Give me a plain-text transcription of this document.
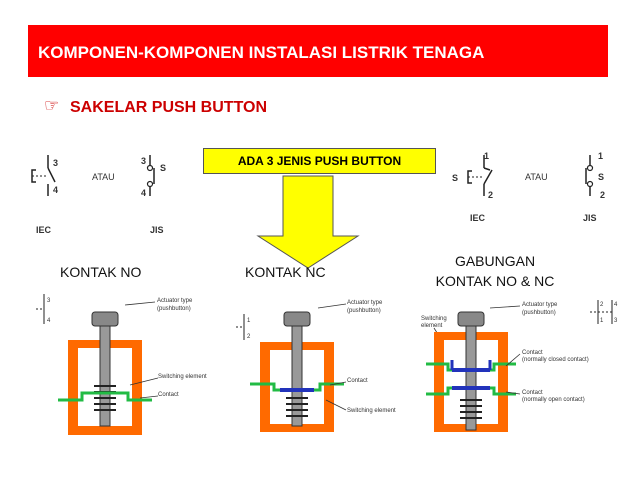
KOMPONEN-KOMPONEN INSTALASI LISTRIK TENAGA
☞ SAKELAR PUSH BUTTON
ADA 3 JENIS PUSH BUTTON
3
4
ATAU
3
4
S
IEC	JIS
S
1
2
ATAU
1
2
S
IEC	JIS
KONTAK NO	KONTAK NC
GABUNGAN
KONTAK NO & NC
3
4
Actuator type
(pushbutton)
Switching element
Contact
1
2
Actuator type
(pushbutton)
Contact
Switching element
Switching
element
Actuator type
(pushbutton)
Contact
(normally closed contact)
Contact
(normally open contact)
2
1
4
3
